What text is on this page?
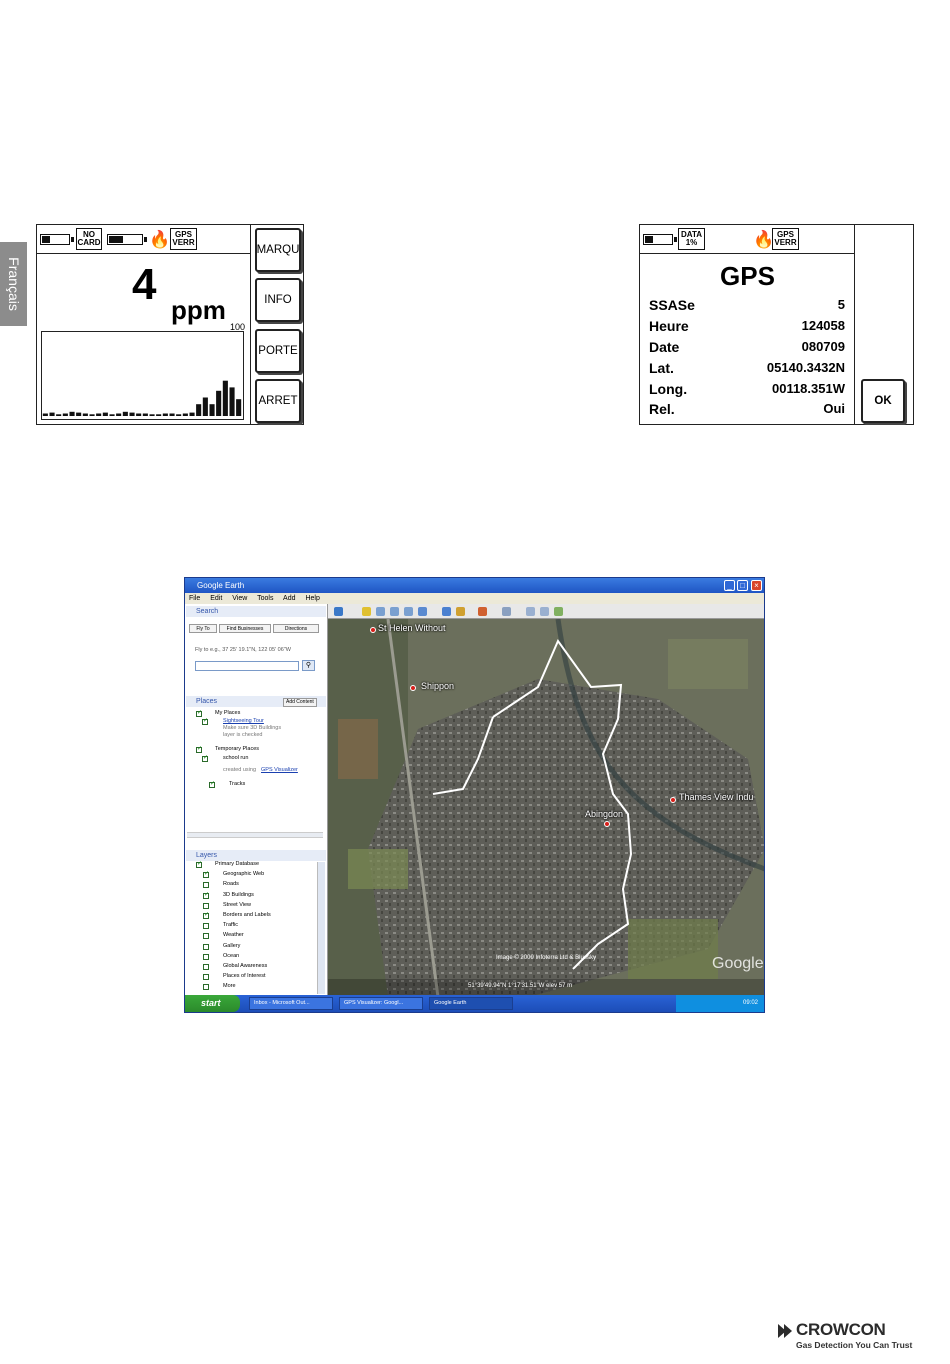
Français
NO CARD	🔥 GPS VERR
4
ppm
100
MARQU
INFO
PORTE
ARRET
DATA
1%	🔥 GPS VERR
GPS
SSASe	5
Heure	124058
Date	080709
Lat.	05140.3432N
Long.	00118.351W
Rel.	Oui	OK
Google Earth	_	□	×
File Edit View Tools Add Help
Search
Fly To	Find Businesses	Directions
Fly to e.g., 37 25' 19.1"N, 122 05' 06"W
⚲
Places	Add Content
✓
My Places
✓
Sightseeing Tour
Make sure 3D Buildings
layer is checked
✓
Temporary Places
✓
school run
created using GPS Visualizer
✓
Tracks
Layers
✓
Primary Database
✓
Geographic Web
Roads
✓
3D Buildings
Street View
✓
Borders and Labels
Traffic
Weather
Gallery
Ocean
Global Awareness
Places of Interest
More
St Helen Without
Shippon
Abingdon
Thames View Indu
Google
Image © 2009 Infoterra Ltd & Bluesky
51°39'49.94"N 1°17'31.51"W elev 57 m
start	Inbox - Microsoft Out...	GPS Visualizer: Googl...	Google Earth	09:02
CROWCON
Gas Detection You Can Trust
